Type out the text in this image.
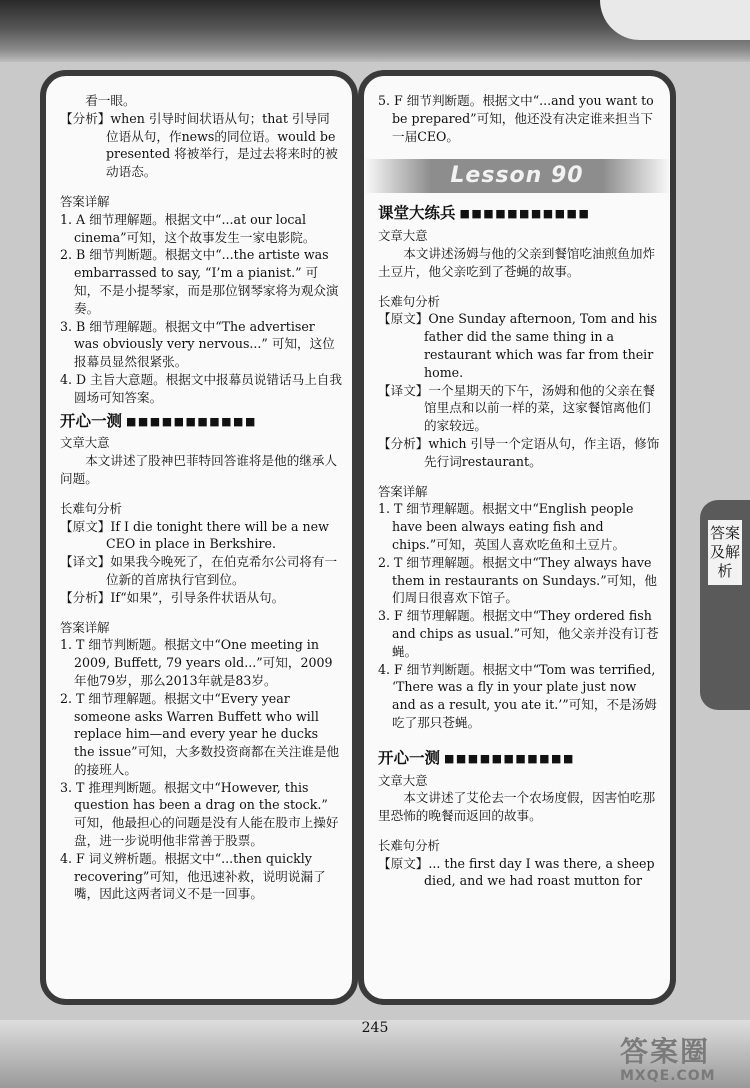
看一眼。

【分析】when 引导时间状语从句；that 引导同位语从句，作news的同位语。would be presented 将被举行，是过去将来时的被动语态。

答案详解

1. A 细节理解题。根据文中“...at our local cinema”可知，这个故事发生一家电影院。

2. B 细节判断题。根据文中“...the artiste was embarrassed to say, “I’m a pianist.” 可知，不是小提琴家，而是那位钢琴家将为观众演奏。

3. B 细节理解题。根据文中“The advertiser was obviously very nervous...” 可知，这位报幕员显然很紧张。

4. D 主旨大意题。根据文中报幕员说错话马上自我圆场可知答案。

开心一测 ■■■■■■■■■■■

文章大意

本文讲述了股神巴菲特回答谁将是他的继承人问题。

长难句分析

【原文】If I die tonight there will be a new CEO in place in Berkshire.

【译文】如果我今晚死了，在伯克希尔公司将有一位新的首席执行官到位。

【分析】If“如果”，引导条件状语从句。

答案详解

1. T 细节判断题。根据文中“One meeting in 2009, Buffett, 79 years old...”可知，2009年他79岁，那么2013年就是83岁。

2. T 细节理解题。根据文中“Every year someone asks Warren Buffett who will replace him—and every year he ducks the issue”可知，大多数投资商都在关注谁是他的接班人。

3. T 推理判断题。根据文中“However, this question has been a drag on the stock.” 可知，他最担心的问题是没有人能在股市上操好盘，进一步说明他非常善于股票。

4. F 词义辨析题。根据文中“...then quickly recovering”可知，他迅速补救，说明说漏了嘴，因此这两者词义不是一回事。

5. F 细节判断题。根据文中“...and you want to be prepared”可知，他还没有决定谁来担当下一届CEO。

Lesson 90
课堂大练兵 ■■■■■■■■■■■

文章大意

本文讲述汤姆与他的父亲到餐馆吃油煎鱼加炸土豆片，他父亲吃到了苍蝇的故事。

长难句分析

【原文】One Sunday afternoon, Tom and his father did the same thing in a restaurant which was far from their home.

【译文】一个星期天的下午，汤姆和他的父亲在餐馆里点和以前一样的菜，这家餐馆离他们的家较远。

【分析】which 引导一个定语从句，作主语，修饰先行词restaurant。

答案详解

1. T 细节理解题。根据文中“English people have been always eating fish and chips.”可知，英国人喜欢吃鱼和土豆片。

2. T 细节理解题。根据文中“They always have them in restaurants on Sundays.”可知，他们周日很喜欢下馆子。

3. F 细节理解题。根据文中“They ordered fish and chips as usual.”可知，他父亲并没有订苍蝇。

4. F 细节判断题。根据文中“Tom was terrified, ‘There was a fly in your plate just now and as a result, you ate it.’”可知，不是汤姆吃了那只苍蝇。

开心一测 ■■■■■■■■■■■

文章大意

本文讲述了艾伦去一个农场度假，因害怕吃那里恐怖的晚餐而返回的故事。

长难句分析

【原文】... the first day I was there, a sheep died, and we had roast mutton for

答案及解析
245
答案圈
MXQE.COM
